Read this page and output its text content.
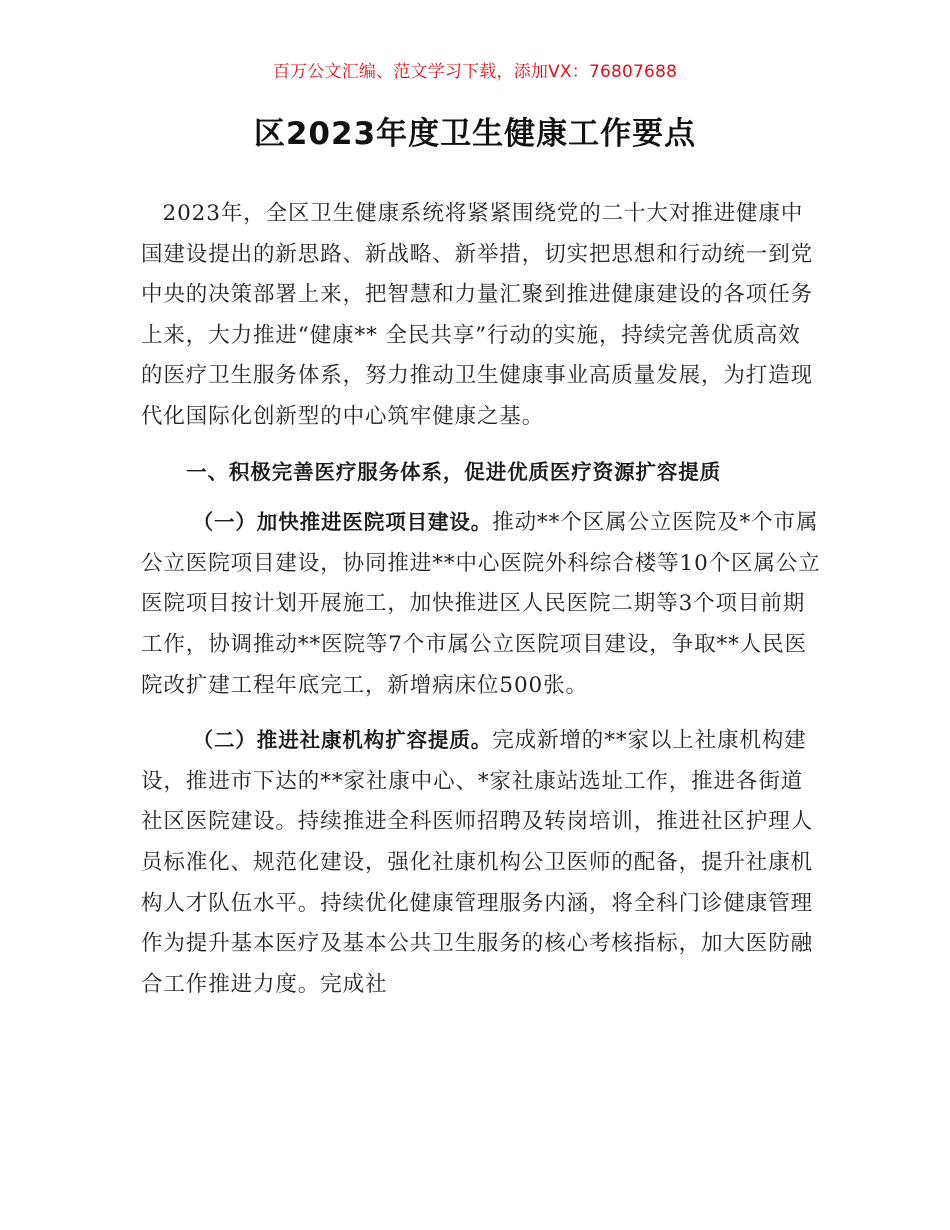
百万公文汇编、范文学习下载，添加VX：76807688
区2023年度卫生健康工作要点

2023年，全区卫生健康系统将紧紧围绕党的二十大对推进健康中国建设提出的新思路、新战略、新举措，切实把思想和行动统一到党中央的决策部署上来，把智慧和力量汇聚到推进健康建设的各项任务上来，大力推进“健康** 全民共享”行动的实施，持续完善优质高效的医疗卫生服务体系，努力推动卫生健康事业高质量发展，为打造现代化国际化创新型的中心筑牢健康之基。

一、积极完善医疗服务体系，促进优质医疗资源扩容提质

（一）加快推进医院项目建设。推动**个区属公立医院及*个市属公立医院项目建设，协同推进**中心医院外科综合楼等10个区属公立医院项目按计划开展施工，加快推进区人民医院二期等3个项目前期工作，协调推动**医院等7个市属公立医院项目建设，争取**人民医院改扩建工程年底完工，新增病床位500张。

（二）推进社康机构扩容提质。完成新增的**家以上社康机构建设，推进市下达的**家社康中心、*家社康站选址工作，推进各街道社区医院建设。持续推进全科医师招聘及转岗培训，推进社区护理人员标准化、规范化建设，强化社康机构公卫医师的配备，提升社康机构人才队伍水平。持续优化健康管理服务内涵，将全科门诊健康管理作为提升基本医疗及基本公共卫生服务的核心考核指标，加大医防融合工作推进力度。完成社
